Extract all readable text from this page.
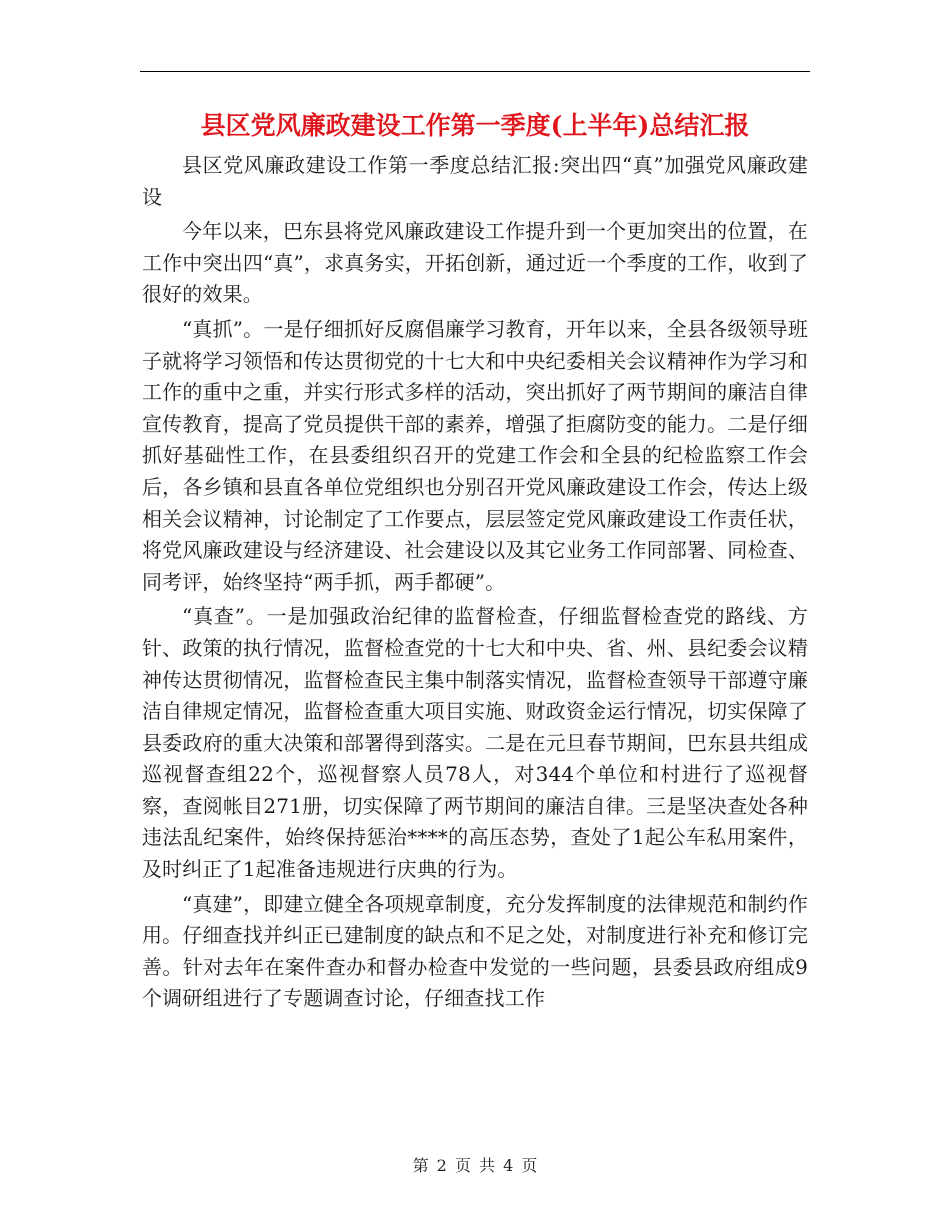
县区党风廉政建设工作第一季度(上半年)总结汇报

县区党风廉政建设工作第一季度总结汇报:突出四“真”加强党风廉政建设

今年以来，巴东县将党风廉政建设工作提升到一个更加突出的位置，在工作中突出四“真”，求真务实，开拓创新，通过近一个季度的工作，收到了很好的效果。

“真抓”。一是仔细抓好反腐倡廉学习教育，开年以来，全县各级领导班子就将学习领悟和传达贯彻党的十七大和中央纪委相关会议精神作为学习和工作的重中之重，并实行形式多样的活动，突出抓好了两节期间的廉洁自律宣传教育，提高了党员提供干部的素养，增强了拒腐防变的能力。二是仔细抓好基础性工作，在县委组织召开的党建工作会和全县的纪检监察工作会后，各乡镇和县直各单位党组织也分别召开党风廉政建设工作会，传达上级相关会议精神，讨论制定了工作要点，层层签定党风廉政建设工作责任状，将党风廉政建设与经济建设、社会建设以及其它业务工作同部署、同检查、同考评，始终坚持“两手抓，两手都硬”。

“真查”。一是加强政治纪律的监督检查，仔细监督检查党的路线、方针、政策的执行情况，监督检查党的十七大和中央、省、州、县纪委会议精神传达贯彻情况，监督检查民主集中制落实情况，监督检查领导干部遵守廉洁自律规定情况，监督检查重大项目实施、财政资金运行情况，切实保障了县委政府的重大决策和部署得到落实。二是在元旦春节期间，巴东县共组成巡视督查组22个，巡视督察人员78人，对344个单位和村进行了巡视督察，查阅帐目271册，切实保障了两节期间的廉洁自律。三是坚决查处各种违法乱纪案件，始终保持惩治****的高压态势，查处了1起公车私用案件，及时纠正了1起准备违规进行庆典的行为。

“真建”，即建立健全各项规章制度，充分发挥制度的法律规范和制约作用。仔细查找并纠正已建制度的缺点和不足之处，对制度进行补充和修订完善。针对去年在案件查办和督办检查中发觉的一些问题，县委县政府组成9个调研组进行了专题调查讨论，仔细查找工作

第 2 页 共 4 页
